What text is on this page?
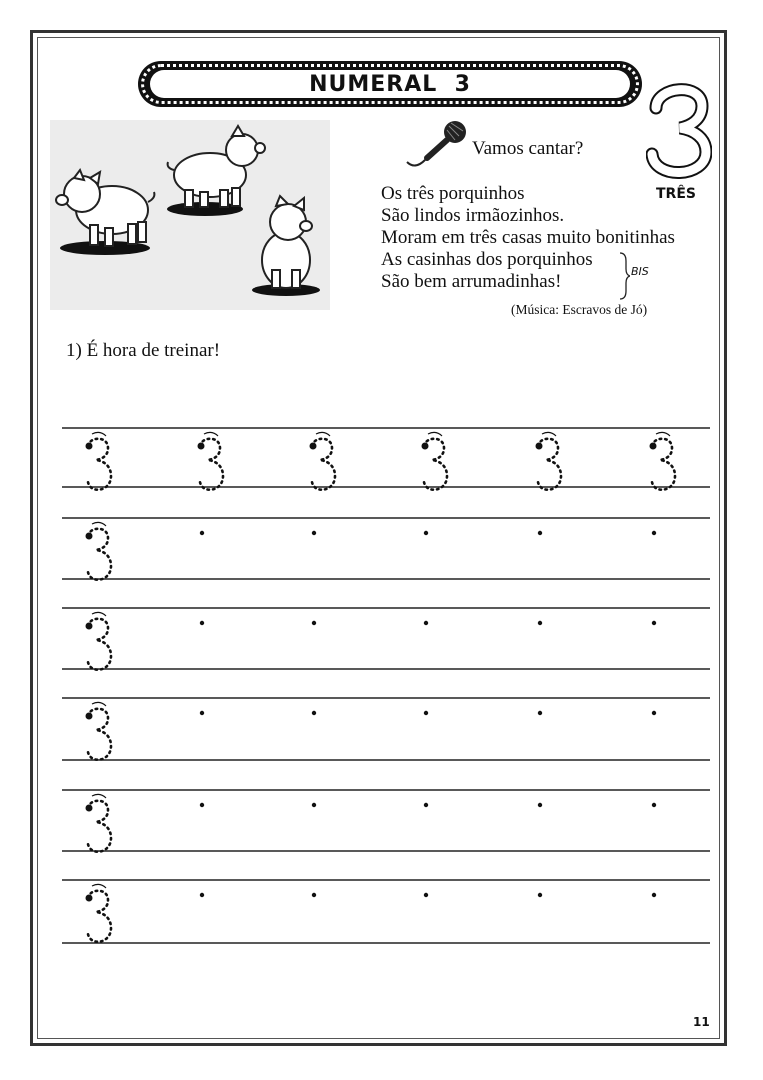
NUMERAL  3
Vamos cantar?
Os três porquinhos
São lindos irmãozinhos.
Moram em três casas muito bonitinhas
As casinhas dos porquinhos
São bem arrumadinhas!	BIS
(Música: Escravos de Jó)
TRÊS
1) É hora de treinar!
11
